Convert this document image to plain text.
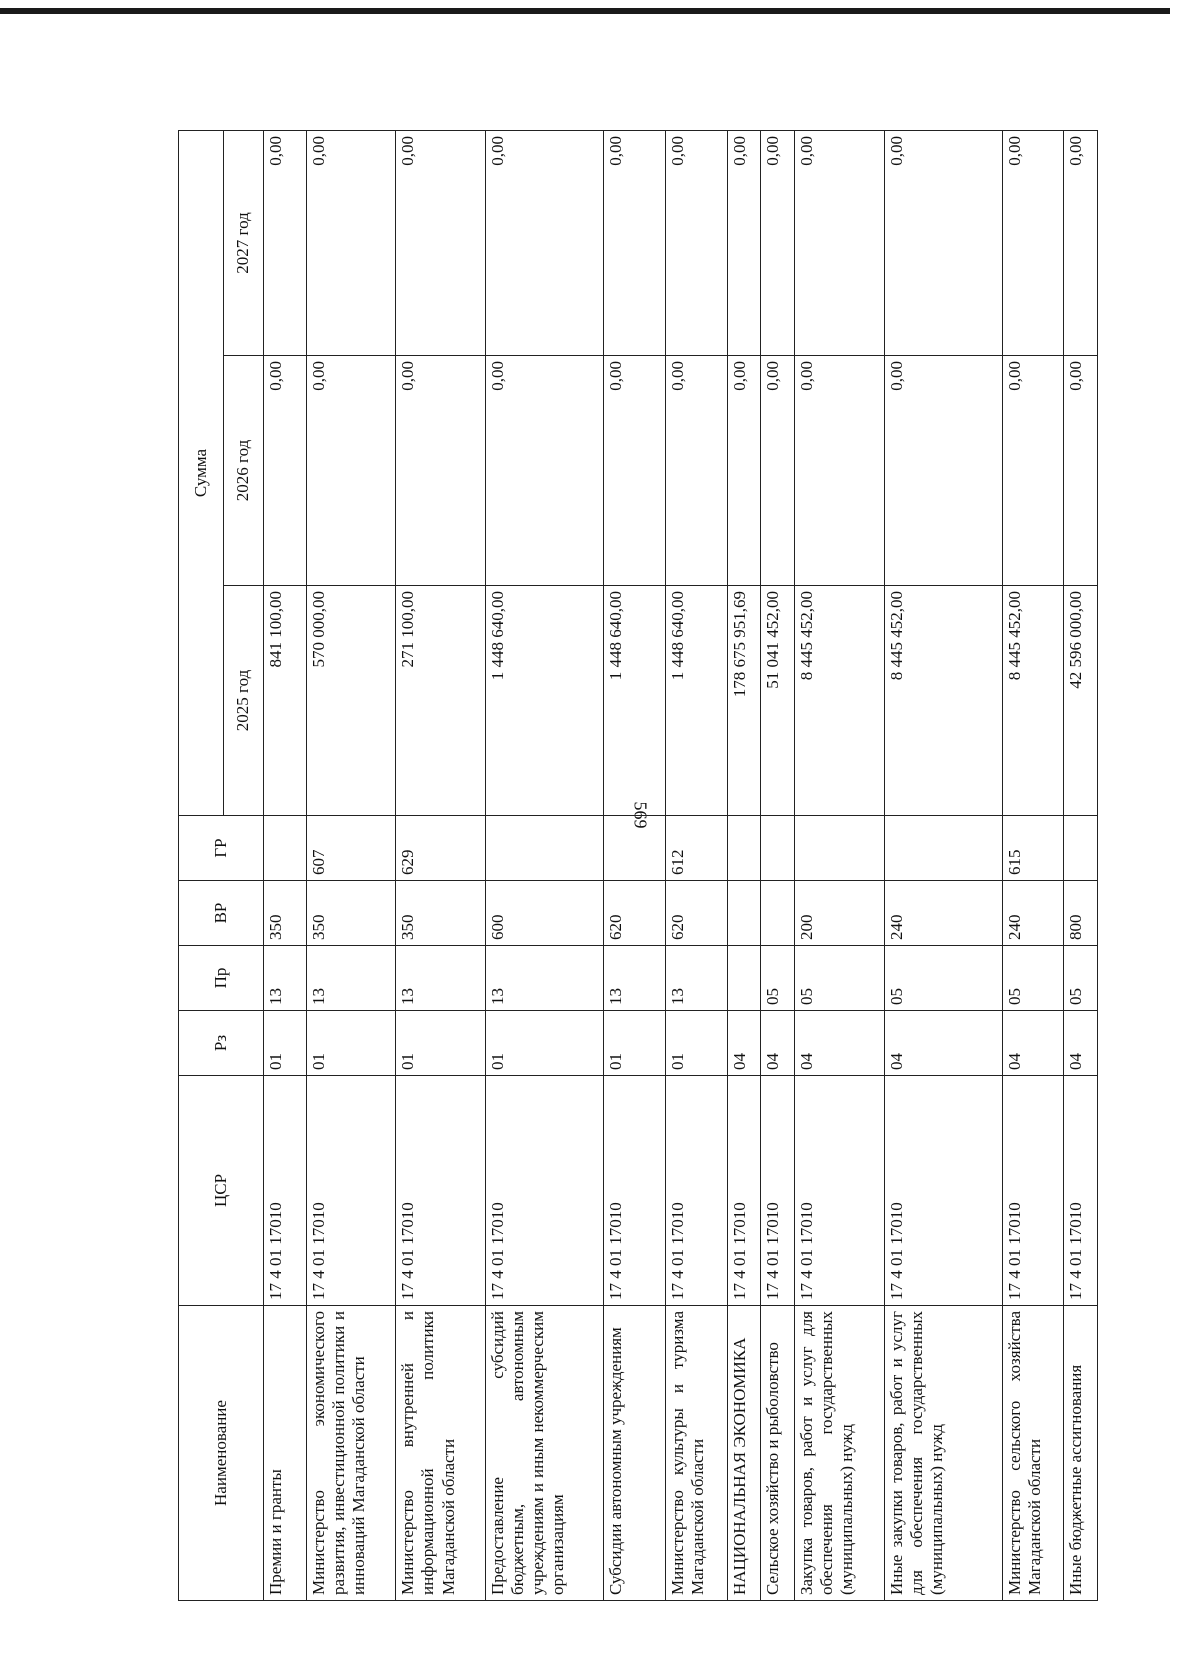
569
Наименование	ЦСР	Рз	Пр	ВР	ГР	Сумма		
						2025 год	2026 год	2027 год
Премии и гранты	17 4 01 17010	01	13	350		841 100,00	0,00	0,00
Министерство экономического развития, инвестиционной политики и инноваций Магаданской области	17 4 01 17010	01	13	350	607	570 000,00	0,00	0,00
Министерство внутренней и информационной политики Магаданской области	17 4 01 17010	01	13	350	629	271 100,00	0,00	0,00
Предоставление субсидий бюджетным, автономным учреждениям и иным некоммерческим организациям	17 4 01 17010	01	13	600		1 448 640,00	0,00	0,00
Субсидии автономным учреждениям	17 4 01 17010	01	13	620		1 448 640,00	0,00	0,00
Министерство культуры и туризма Магаданской области	17 4 01 17010	01	13	620	612	1 448 640,00	0,00	0,00
НАЦИОНАЛЬНАЯ ЭКОНОМИКА	17 4 01 17010	04				178 675 951,69	0,00	0,00
Сельское хозяйство и рыболовство	17 4 01 17010	04	05			51 041 452,00	0,00	0,00
Закупка товаров, работ и услуг для обеспечения государственных (муниципальных) нужд	17 4 01 17010	04	05	200		8 445 452,00	0,00	0,00
Иные закупки товаров, работ и услуг для обеспечения государственных (муниципальных) нужд	17 4 01 17010	04	05	240		8 445 452,00	0,00	0,00
Министерство сельского хозяйства Магаданской области	17 4 01 17010	04	05	240	615	8 445 452,00	0,00	0,00
Иные бюджетные ассигнования	17 4 01 17010	04	05	800		42 596 000,00	0,00	0,00
